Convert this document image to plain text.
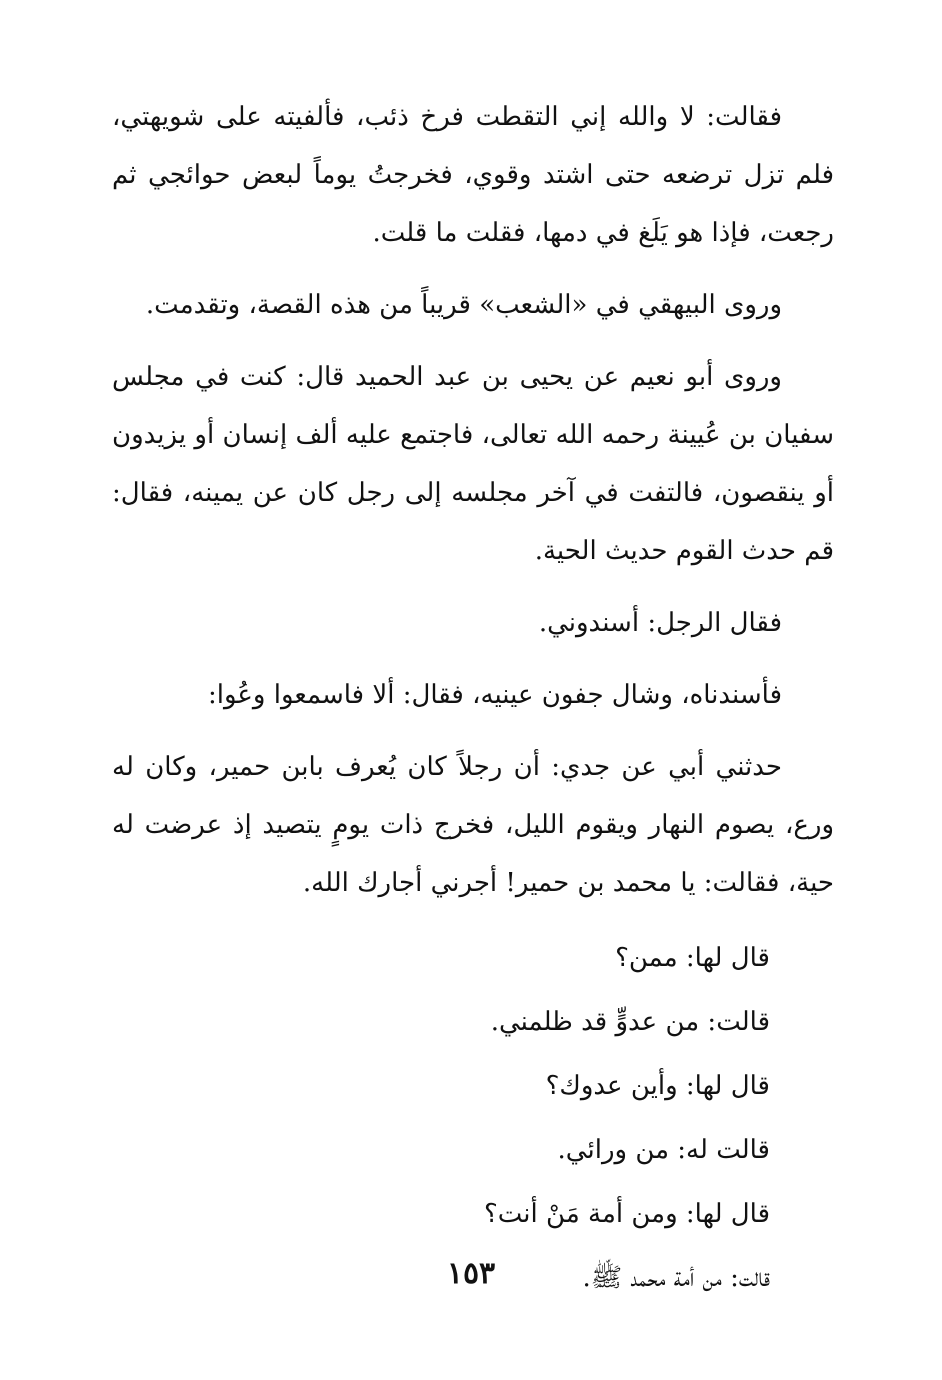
فقالت: لا والله إني التقطت فرخ ذئب، فألفيته على شويهتي، فلم تزل ترضعه حتى اشتد وقوي، فخرجتُ يوماً لبعض حوائجي ثم رجعت، فإذا هو يَلَغ في دمها، فقلت ما قلت.

وروى البيهقي في «الشعب» قريباً من هذه القصة، وتقدمت.

وروى أبو نعيم عن يحيى بن عبد الحميد قال: كنت في مجلس سفيان بن عُيينة رحمه الله تعالى، فاجتمع عليه ألف إنسان أو يزيدون أو ينقصون، فالتفت في آخر مجلسه إلى رجل كان عن يمينه، فقال: قم حدث القوم حديث الحية.

فقال الرجل: أسندوني.

فأسندناه، وشال جفون عينيه، فقال: ألا فاسمعوا وعُوا:

حدثني أبي عن جدي: أن رجلاً كان يُعرف بابن حمير، وكان له ورع، يصوم النهار ويقوم الليل، فخرج ذات يومٍ يتصيد إذ عرضت له حية، فقالت: يا محمد بن حمير! أجرني أجارك الله.

قال لها: ممن؟
قالت: من عدوٍّ قد ظلمني.
قال لها: وأين عدوك؟
قالت له: من ورائي.
قال لها: ومن أمة مَنْ أنت؟
قالت: من أمة محمد ﷺ.
١٥٣
